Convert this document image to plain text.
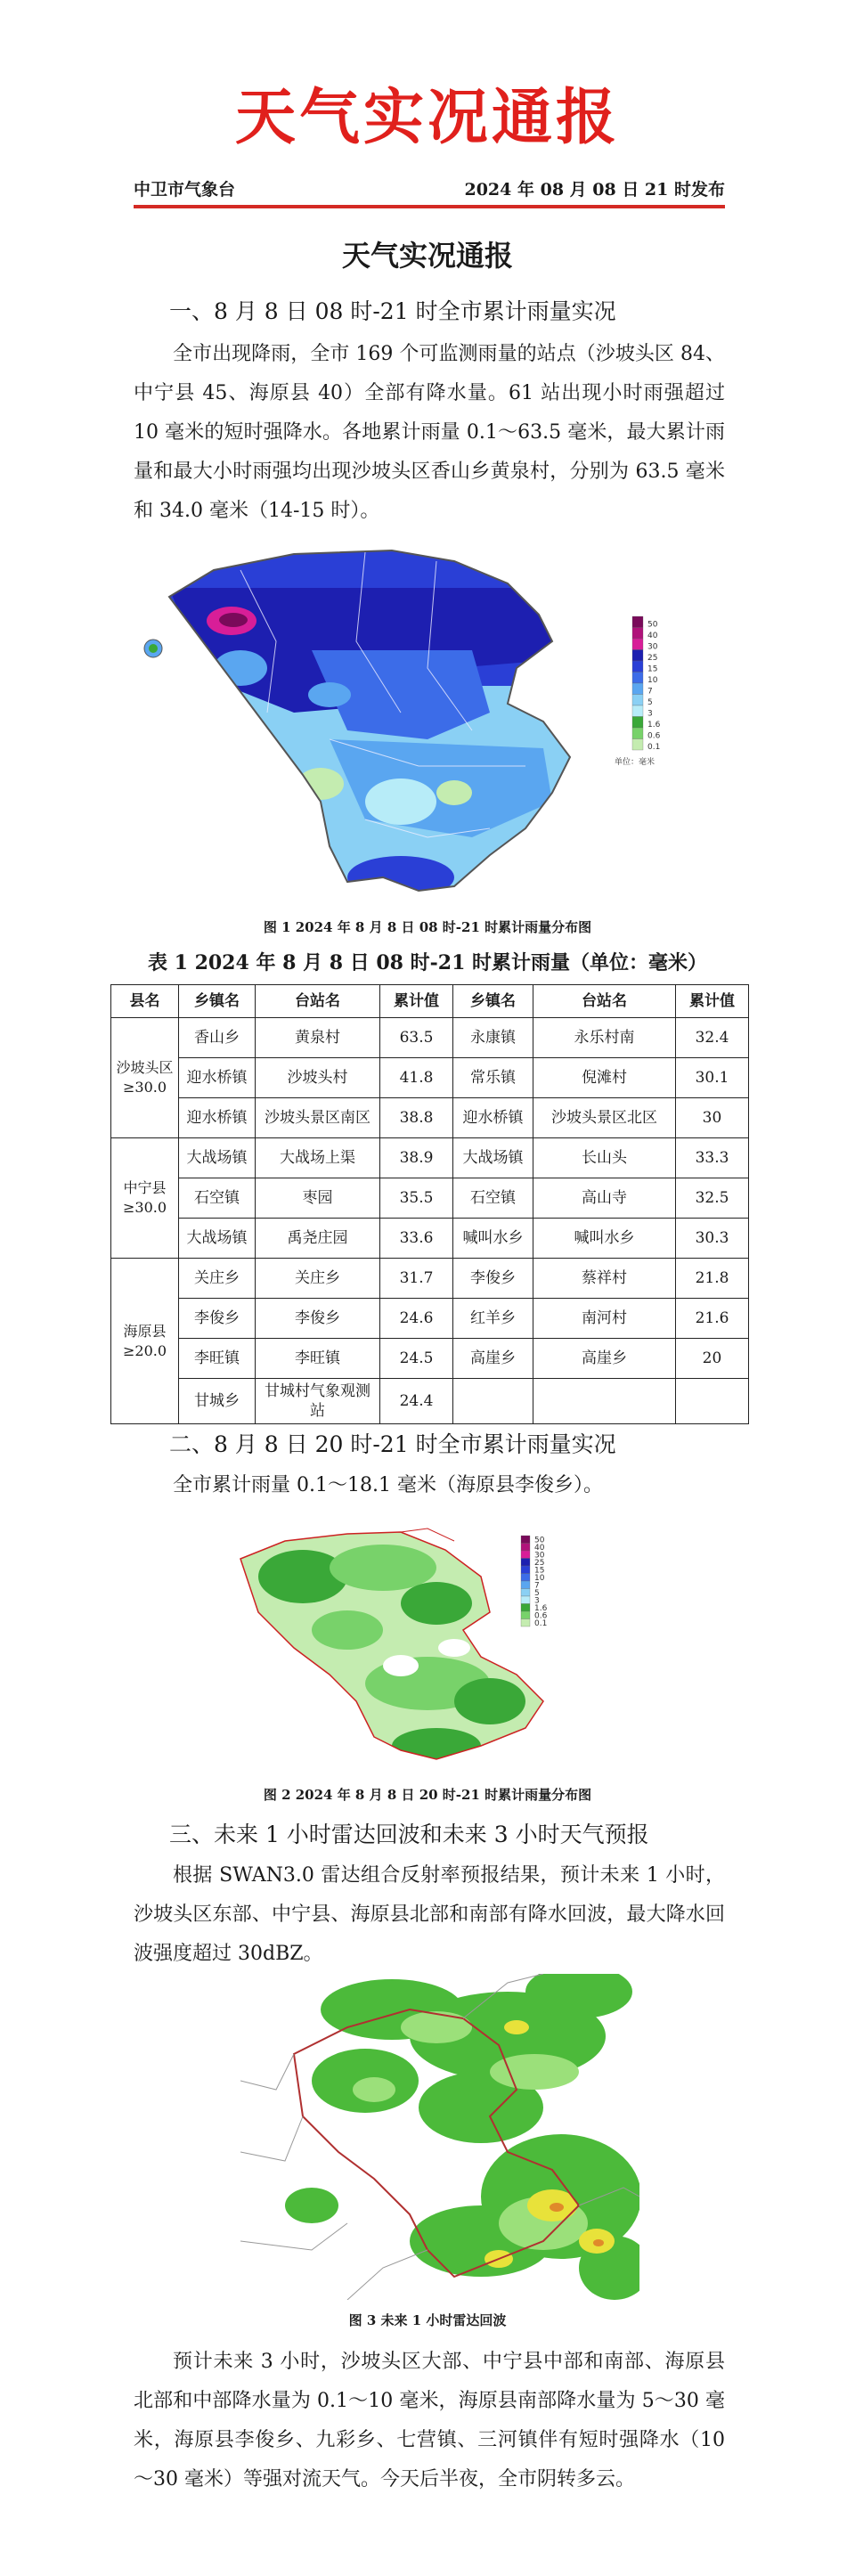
天气实况通报
中卫市气象台	2024 年 08 月 08 日 21 时发布
天气实况通报
一、8 月 8 日 08 时-21 时全市累计雨量实况
全市出现降雨，全市 169 个可监测雨量的站点（沙坡头区 84、中宁县 45、海原县 40）全部有降水量。61 站出现小时雨强超过 10 毫米的短时强降水。各地累计雨量 0.1～63.5 毫米，最大累计雨量和最大小时雨强均出现沙坡头区香山乡黄泉村，分别为 63.5 毫米和 34.0 毫米（14-15 时）。
50
40
30
25
15
10
7
5
3
1.6
0.6
0.1
单位：毫米
图 1 2024 年 8 月 8 日 08 时-21 时累计雨量分布图
表 1 2024 年 8 月 8 日 08 时-21 时累计雨量（单位：毫米）
县名	乡镇名	台站名	累计值	乡镇名	台站名	累计值
沙坡头区≥30.0	香山乡	黄泉村	63.5	永康镇	永乐村南	32.4
	迎水桥镇	沙坡头村	41.8	常乐镇	倪滩村	30.1
	迎水桥镇	沙坡头景区南区	38.8	迎水桥镇	沙坡头景区北区	30
中宁县≥30.0	大战场镇	大战场上渠	38.9	大战场镇	长山头	33.3
	石空镇	枣园	35.5	石空镇	高山寺	32.5
	大战场镇	禹尧庄园	33.6	喊叫水乡	喊叫水乡	30.3
海原县≥20.0	关庄乡	关庄乡	31.7	李俊乡	蔡祥村	21.8
	李俊乡	李俊乡	24.6	红羊乡	南河村	21.6
	李旺镇	李旺镇	24.5	高崖乡	高崖乡	20
	甘城乡	甘城村气象观测站	24.4			
二、8 月 8 日 20 时-21 时全市累计雨量实况
全市累计雨量 0.1～18.1 毫米（海原县李俊乡）。
50
40
30
25
15
10
7
5
3
1.6
0.6
0.1
图 2 2024 年 8 月 8 日 20 时-21 时累计雨量分布图
三、未来 1 小时雷达回波和未来 3 小时天气预报
根据 SWAN3.0 雷达组合反射率预报结果，预计未来 1 小时，沙坡头区东部、中宁县、海原县北部和南部有降水回波，最大降水回波强度超过 30dBZ。
图 3 未来 1 小时雷达回波
预计未来 3 小时，沙坡头区大部、中宁县中部和南部、海原县北部和中部降水量为 0.1～10 毫米，海原县南部降水量为 5～30 毫米，海原县李俊乡、九彩乡、七营镇、三河镇伴有短时强降水（10～30 毫米）等强对流天气。今天后半夜，全市阴转多云。
